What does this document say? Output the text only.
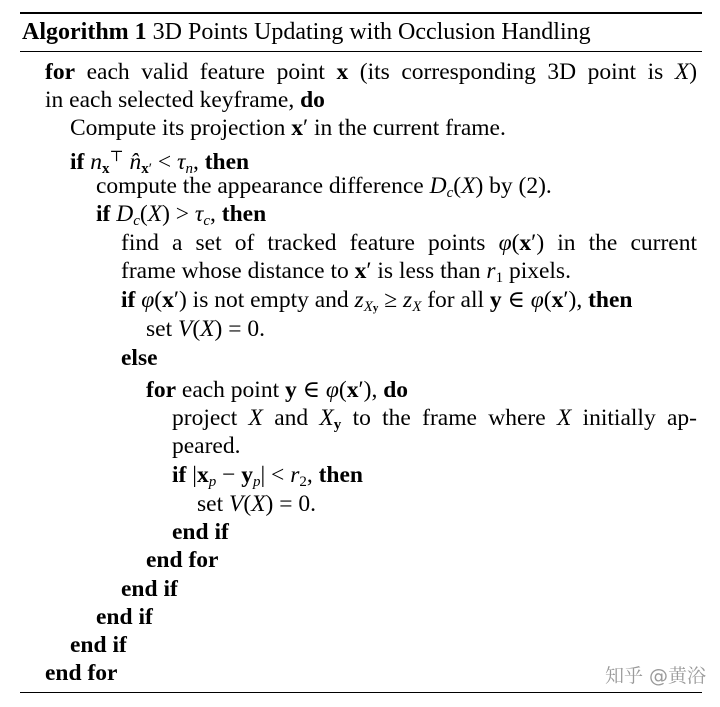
Algorithm 1 3D Points Updating with Occlusion Handling
for each valid feature point x (its corresponding 3D point is X)
in each selected keyframe, do
Compute its projection x′ in the current frame.
if $n_x^⊤$ $n̂_{x'} < \tau_n$, then
compute the appearance difference $D_c(X)$ by (2).
if $D_c(X) > \tau_c$, then
find a set of tracked feature points φ(x′) in the current
frame whose distance to x′ is less than $r_1$ pixels.
if φ(x′) is not empty and $z_{Xy} \ge z_X$ for all y ∈ φ(x′), then
set V(X) = 0.
else
for each point y ∈ φ(x′), do
project X and $X_y$ to the frame where X initially ap-
peared.
if $|x_p - y_p| < r_2$, then
set V(X) = 0.
end if
end for
end if
end if
end if
end for	知乎 @黄浴
